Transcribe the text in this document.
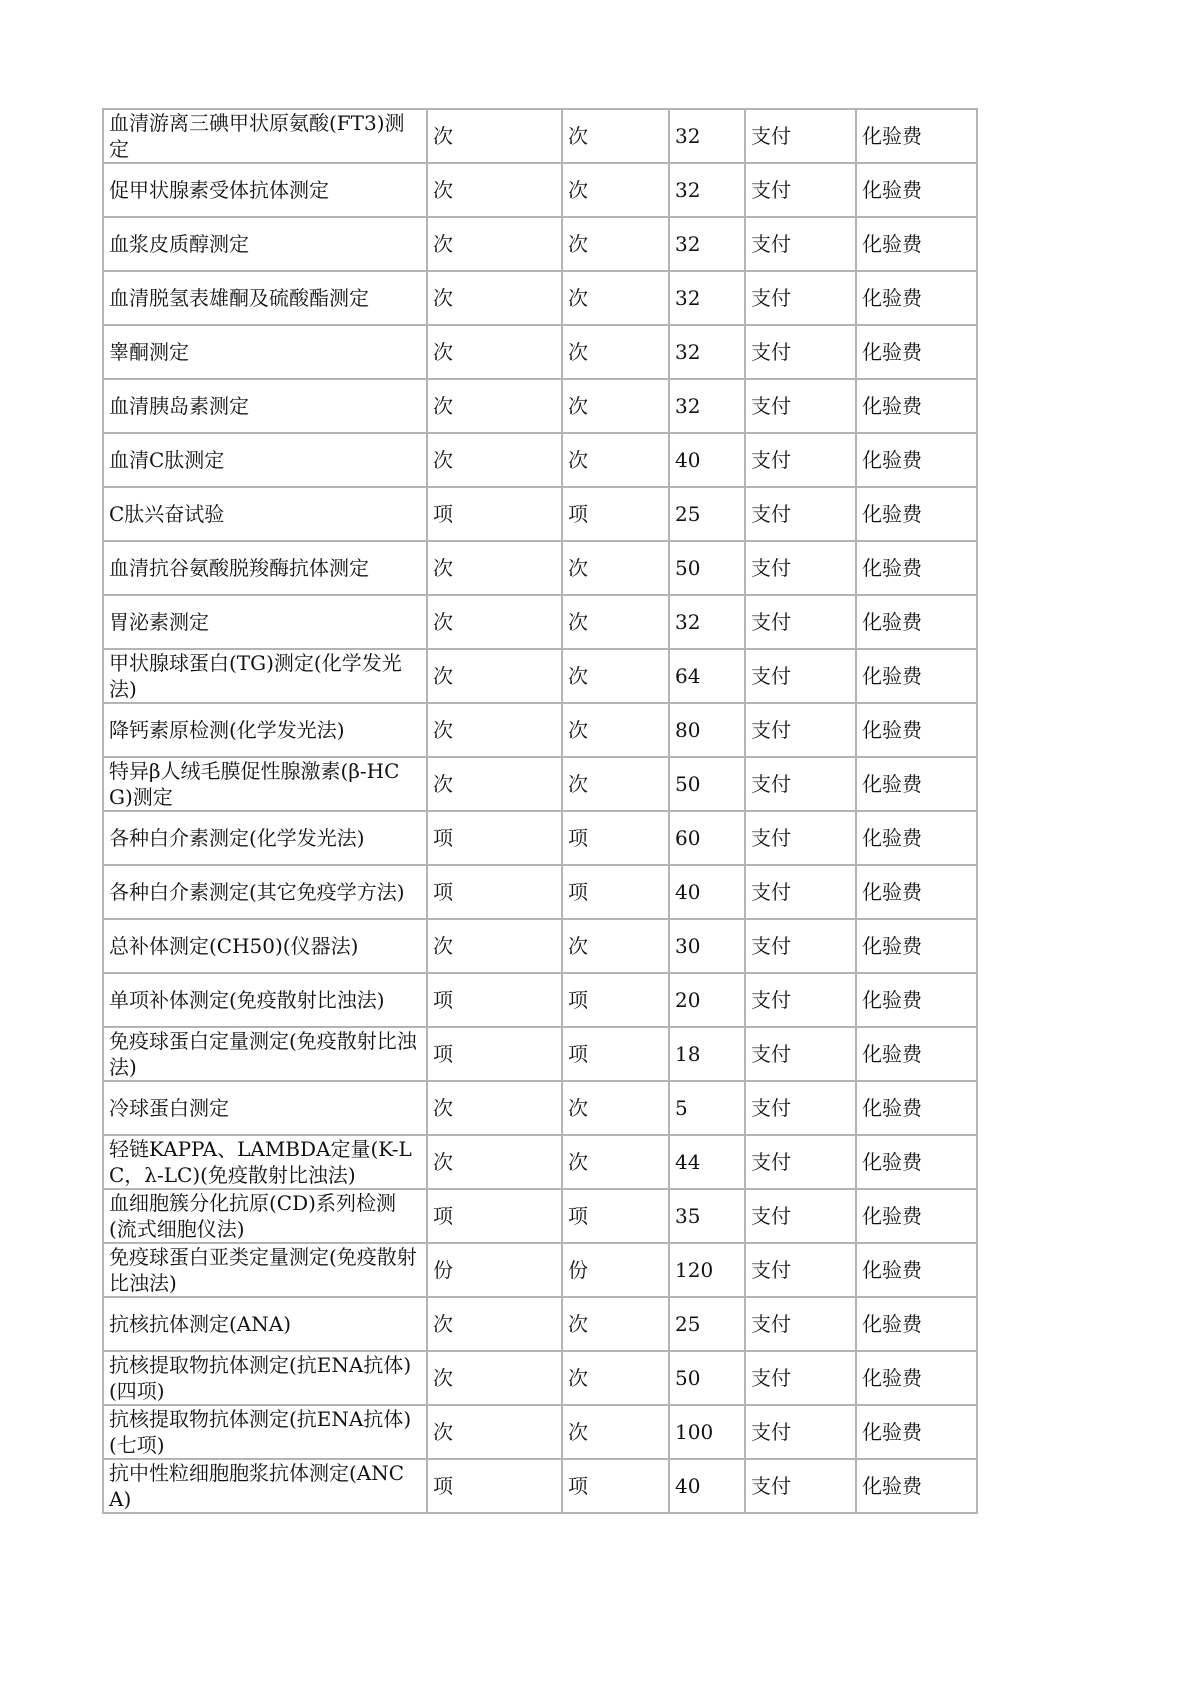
血清游离三碘甲状原氨酸(FT3)测定	次	次	32	支付	化验费
促甲状腺素受体抗体测定	次	次	32	支付	化验费
血浆皮质醇测定	次	次	32	支付	化验费
血清脱氢表雄酮及硫酸酯测定	次	次	32	支付	化验费
睾酮测定	次	次	32	支付	化验费
血清胰岛素测定	次	次	32	支付	化验费
血清C肽测定	次	次	40	支付	化验费
C肽兴奋试验	项	项	25	支付	化验费
血清抗谷氨酸脱羧酶抗体测定	次	次	50	支付	化验费
胃泌素测定	次	次	32	支付	化验费
甲状腺球蛋白(TG)测定(化学发光法)	次	次	64	支付	化验费
降钙素原检测(化学发光法)	次	次	80	支付	化验费
特异β人绒毛膜促性腺激素(β-HCG)测定	次	次	50	支付	化验费
各种白介素测定(化学发光法)	项	项	60	支付	化验费
各种白介素测定(其它免疫学方法)	项	项	40	支付	化验费
总补体测定(CH50)(仪器法)	次	次	30	支付	化验费
单项补体测定(免疫散射比浊法)	项	项	20	支付	化验费
免疫球蛋白定量测定(免疫散射比浊法)	项	项	18	支付	化验费
冷球蛋白测定	次	次	5	支付	化验费
轻链KAPPA、LAMBDA定量(K-LC，λ-LC)(免疫散射比浊法)	次	次	44	支付	化验费
血细胞簇分化抗原(CD)系列检测(流式细胞仪法)	项	项	35	支付	化验费
免疫球蛋白亚类定量测定(免疫散射比浊法)	份	份	120	支付	化验费
抗核抗体测定(ANA)	次	次	25	支付	化验费
抗核提取物抗体测定(抗ENA抗体)(四项)	次	次	50	支付	化验费
抗核提取物抗体测定(抗ENA抗体)(七项)	次	次	100	支付	化验费
抗中性粒细胞胞浆抗体测定(ANCA)	项	项	40	支付	化验费
